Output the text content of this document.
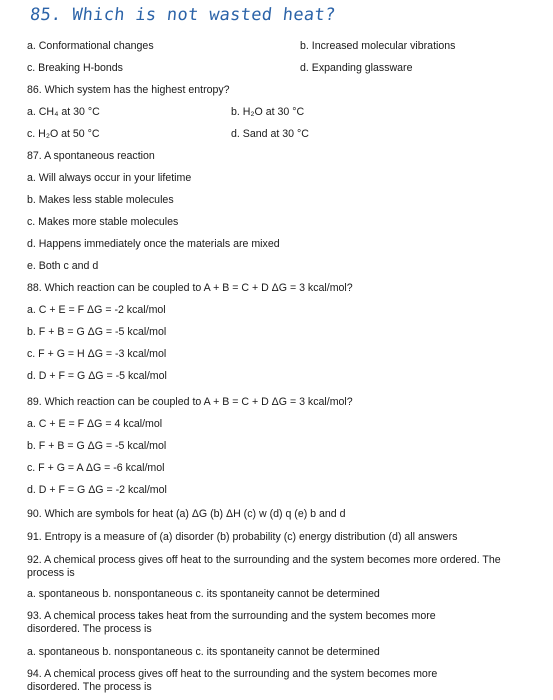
85. Which is not wasted heat?
a. Conformational changes	b. Increased molecular vibrations
c. Breaking H-bonds	d. Expanding glassware
86. Which system has the highest entropy?
a. CH₄ at 30 °C	b. H₂O at 30 °C
c. H₂O at 50 °C	d. Sand at 30 °C
87. A spontaneous reaction
a. Will always occur in your lifetime
b. Makes less stable molecules
c. Makes more stable molecules
d. Happens immediately once the materials are mixed
e. Both c and d
88. Which reaction can be coupled to A + B = C + D ΔG = 3 kcal/mol?
a. C + E = F ΔG = -2 kcal/mol
b. F + B = G ΔG = -5 kcal/mol
c. F + G = H ΔG = -3 kcal/mol
d. D + F = G ΔG = -5 kcal/mol
89. Which reaction can be coupled to A + B = C + D ΔG = 3 kcal/mol?
a. C + E = F ΔG = 4 kcal/mol
b. F + B = G ΔG = -5 kcal/mol
c. F + G = A ΔG = -6 kcal/mol
d. D + F = G ΔG = -2 kcal/mol
90. Which are symbols for heat (a) ΔG (b) ΔH (c) w (d) q (e) b and d
91. Entropy is a measure of (a) disorder (b) probability (c) energy distribution (d) all answers
92. A chemical process gives off heat to the surrounding and the system becomes more ordered. The process is
a. spontaneous b. nonspontaneous c. its spontaneity cannot be determined
93. A chemical process takes heat from the surrounding and the system becomes more disordered. The process is
a. spontaneous b. nonspontaneous c. its spontaneity cannot be determined
94. A chemical process gives off heat to the surrounding and the system becomes more disordered. The process is
